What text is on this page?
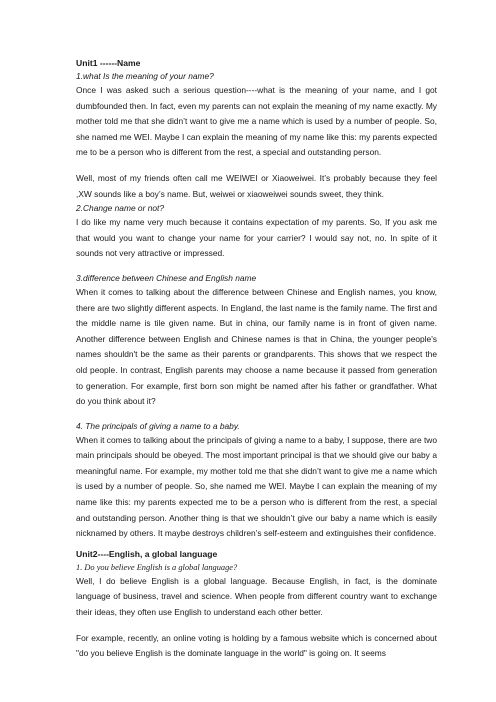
Unit1 ------Name

1.what Is the meaning of your name?

Once I was asked such a serious question----what is the meaning of your name, and I got dumbfounded then. In fact, even my parents can not explain the meaning of my name exactly. My mother told me that she didn’t want to give me a name which is used by a number of people. So, she named me WEI. Maybe I can explain the meaning of my name like this: my parents expected me to be a person who is different from the rest, a special and outstanding person.

Well, most of my friends often call me WEIWEI or Xiaoweiwei. It’s probably because they feel ,XW sounds like a boy’s name. But, weiwei or xiaoweiwei sounds sweet, they think.

2.Change name or not?

I do like my name very much because it contains expectation of my parents. So, If you ask me that would you want to change your name for your carrier? I would say not, no. In spite of it sounds not very attractive or impressed.

3.difference between Chinese and English name

When it comes to talking about the difference between Chinese and English names, you know, there are two slightly different aspects. In England, the last name is the family name. The first and the middle name is tile given name. But in china, our family name is in front of given name. Another difference between English and Chinese names is that in China, the younger people's names shouldn't be the same as their parents or grandparents. This shows that we respect the old people. In contrast, English parents may choose a name because it passed from generation to generation. For example, first born son might be named after his father or grandfather. What do you think about it?

4. The principals of giving a name to a baby.

When it comes to talking about the principals of giving a name to a baby, I suppose, there are two main principals should be obeyed. The most important principal is that we should give our baby a meaningful name. For example, my mother told me that she didn’t want to give me a name which is used by a number of people. So, she named me WEI. Maybe I can explain the meaning of my name like this: my parents expected me to be a person who is different from the rest, a special and outstanding person. Another thing is that we shouldn’t give our baby a name which is easily nicknamed by others. It maybe destroys children’s self-esteem and extinguishes their confidence.

Unit2----English, a global language

1. Do you believe English is a global language?

Well, I do believe English is a global language. Because English, in fact, is the dominate language of business, travel and science. When people from different country want to exchange their ideas, they often use English to understand each other better.

For example, recently, an online voting is holding by a famous website which is concerned about "do you believe English is the dominate language in the world" is going on. It seems
